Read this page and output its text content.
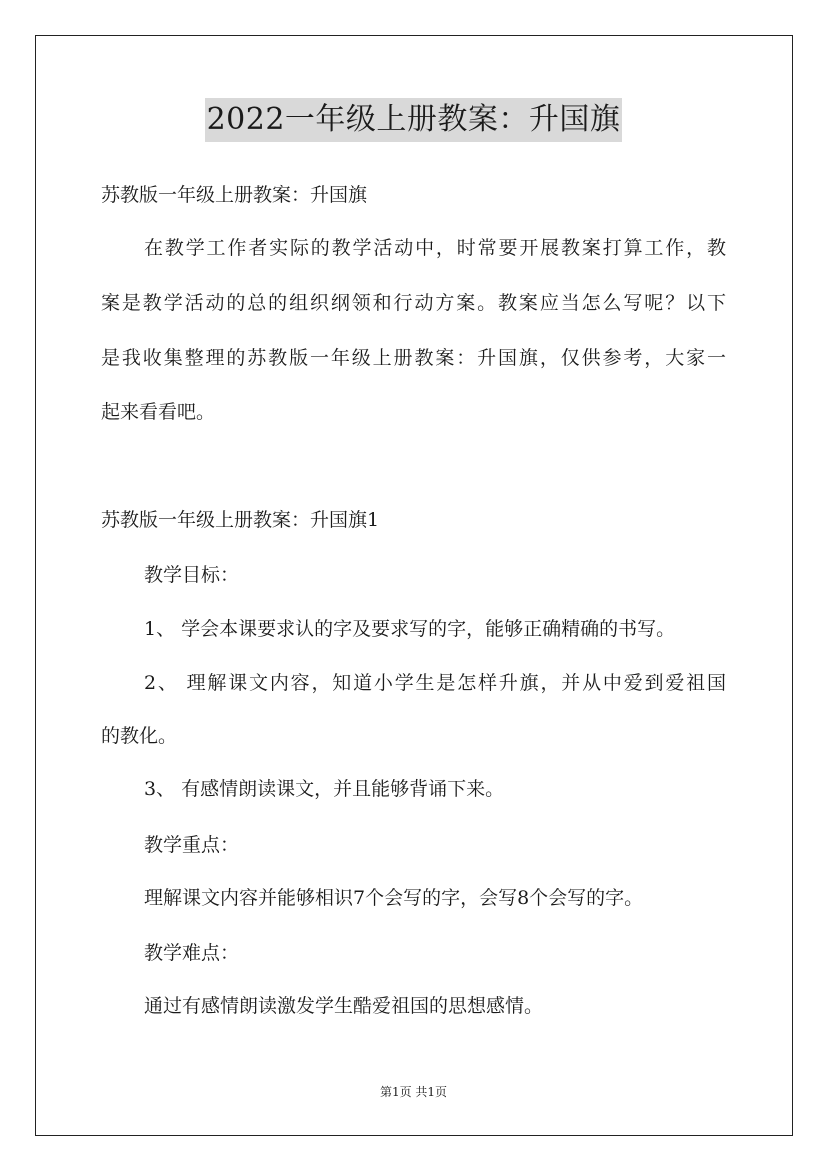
2022一年级上册教案：升国旗
苏教版一年级上册教案：升国旗
在教学工作者实际的教学活动中，时常要开展教案打算工作，教
案是教学活动的总的组织纲领和行动方案。教案应当怎么写呢？以下
是我收集整理的苏教版一年级上册教案：升国旗，仅供参考，大家一
起来看看吧。
苏教版一年级上册教案：升国旗1
教学目标：
1、 学会本课要求认的字及要求写的字，能够正确精确的书写。
2、 理解课文内容，知道小学生是怎样升旗，并从中爱到爱祖国
的教化。
3、 有感情朗读课文，并且能够背诵下来。
教学重点：
理解课文内容并能够相识7个会写的字，会写8个会写的字。
教学难点：
通过有感情朗读激发学生酷爱祖国的思想感情。
第1页 共1页
